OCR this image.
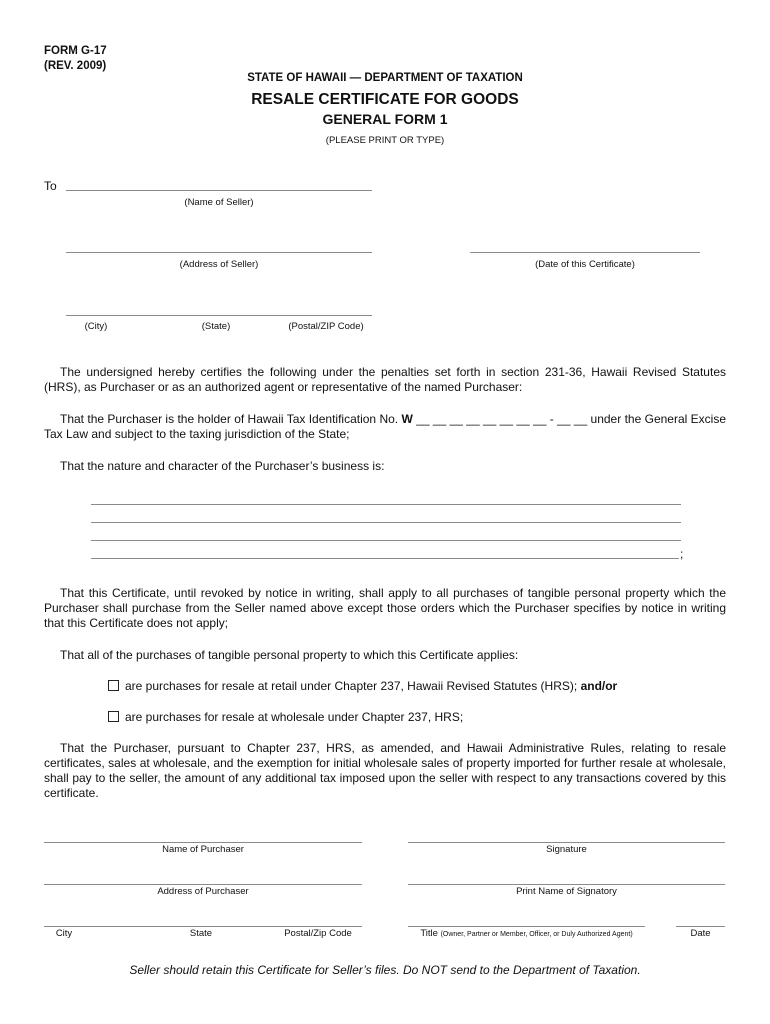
FORM G-17
(REV. 2009)
STATE OF HAWAII — DEPARTMENT OF TAXATION
RESALE CERTIFICATE FOR GOODS
GENERAL FORM 1
(PLEASE PRINT OR TYPE)
To
(Name of Seller)
(Address of Seller)	(Date of this Certificate)
(City)	(State)	(Postal/ZIP Code)
The undersigned hereby certifies the following under the penalties set forth in section 231-36, Hawaii Revised Statutes (HRS), as Purchaser or as an authorized agent or representative of the named Purchaser:
That the Purchaser is the holder of Hawaii Tax Identification No. W __ __ __ __ __ __ __ __ - __ __ under the General Excise Tax Law and subject to the taxing jurisdiction of the State;
That the nature and character of the Purchaser’s business is:
;
That this Certificate, until revoked by notice in writing, shall apply to all purchases of tangible personal property which the Purchaser shall purchase from the Seller named above except those orders which the Purchaser specifies by notice in writing that this Certificate does not apply;
That all of the purchases of tangible personal property to which this Certificate applies:
are purchases for resale at retail under Chapter 237, Hawaii Revised Statutes (HRS); and/or
are purchases for resale at wholesale under Chapter 237, HRS;
That the Purchaser, pursuant to Chapter 237, HRS, as amended, and Hawaii Administrative Rules, relating to resale certificates, sales at wholesale, and the exemption for initial wholesale sales of property imported for further resale at wholesale, shall pay to the seller, the amount of any additional tax imposed upon the seller with respect to any transactions covered by this certificate.
Name of Purchaser	Signature
Address of Purchaser	Print Name of Signatory
City	State	Postal/Zip Code	Title (Owner, Partner or Member, Officer, or Duly Authorized Agent)	Date
Seller should retain this Certificate for Seller’s files. Do NOT send to the Department of Taxation.
